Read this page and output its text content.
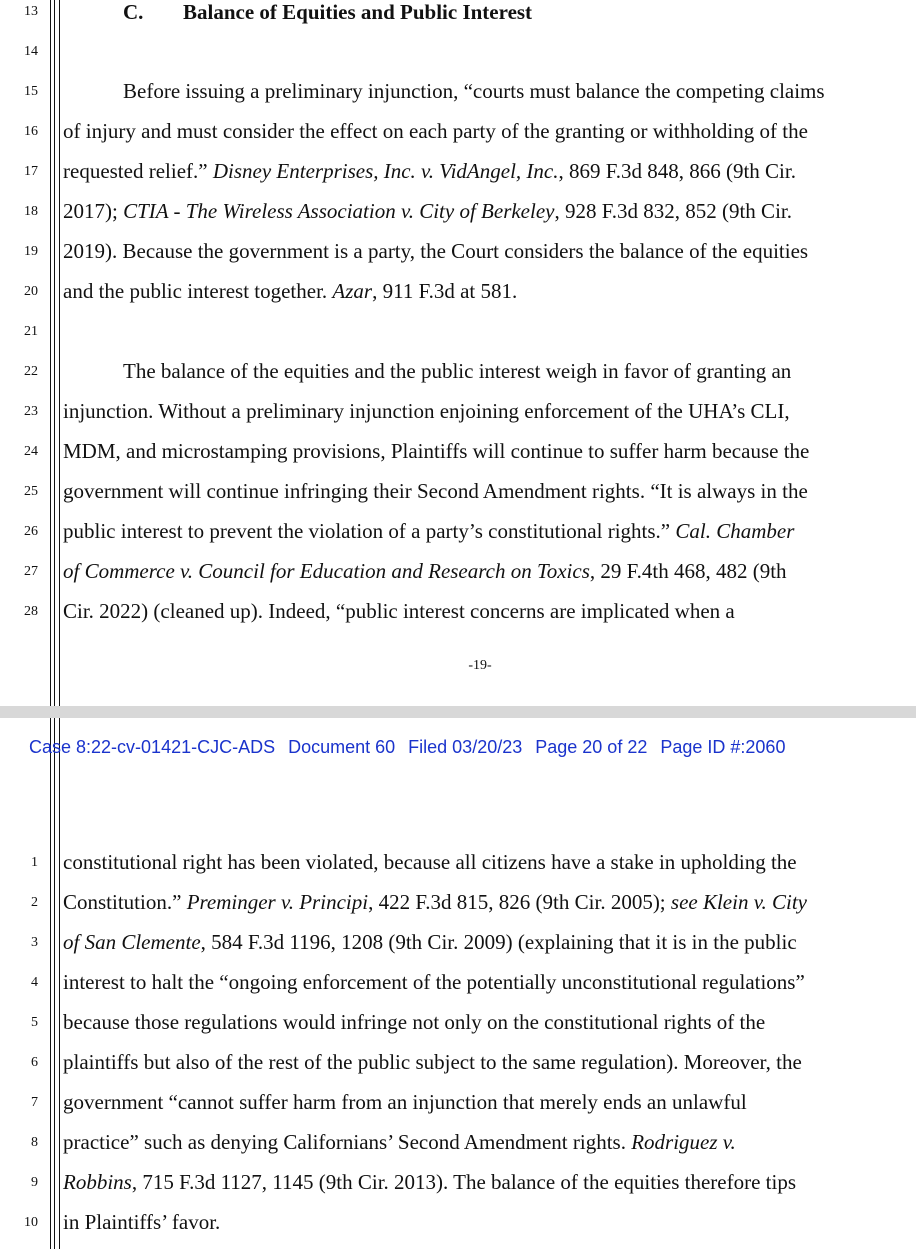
13
14
15
16
17
18
19
20
21
22
23
24
25
26
27
28
C. Balance of Equities and Public Interest
Before issuing a preliminary injunction, “courts must balance the competing claims
of injury and must consider the effect on each party of the granting or withholding of the
requested relief.” Disney Enterprises, Inc. v. VidAngel, Inc., 869 F.3d 848, 866 (9th Cir.
2017); CTIA - The Wireless Association v. City of Berkeley, 928 F.3d 832, 852 (9th Cir.
2019). Because the government is a party, the Court considers the balance of the equities
and the public interest together. Azar, 911 F.3d at 581.
The balance of the equities and the public interest weigh in favor of granting an
injunction. Without a preliminary injunction enjoining enforcement of the UHA’s CLI,
MDM, and microstamping provisions, Plaintiffs will continue to suffer harm because the
government will continue infringing their Second Amendment rights. “It is always in the
public interest to prevent the violation of a party’s constitutional rights.” Cal. Chamber
of Commerce v. Council for Education and Research on Toxics, 29 F.4th 468, 482 (9th
Cir. 2022) (cleaned up). Indeed, “public interest concerns are implicated when a
-19-
1
2
3
4
5
6
7
8
9
10
constitutional right has been violated, because all citizens have a stake in upholding the
Constitution.” Preminger v. Principi, 422 F.3d 815, 826 (9th Cir. 2005); see Klein v. City
of San Clemente, 584 F.3d 1196, 1208 (9th Cir. 2009) (explaining that it is in the public
interest to halt the “ongoing enforcement of the potentially unconstitutional regulations”
because those regulations would infringe not only on the constitutional rights of the
plaintiffs but also of the rest of the public subject to the same regulation). Moreover, the
government “cannot suffer harm from an injunction that merely ends an unlawful
practice” such as denying Californians’ Second Amendment rights. Rodriguez v.
Robbins, 715 F.3d 1127, 1145 (9th Cir. 2013). The balance of the equities therefore tips
in Plaintiffs’ favor.
Case 8:22-cv-01421-CJC-ADS Document 60 Filed 03/20/23 Page 20 of 22 Page ID #:2060
